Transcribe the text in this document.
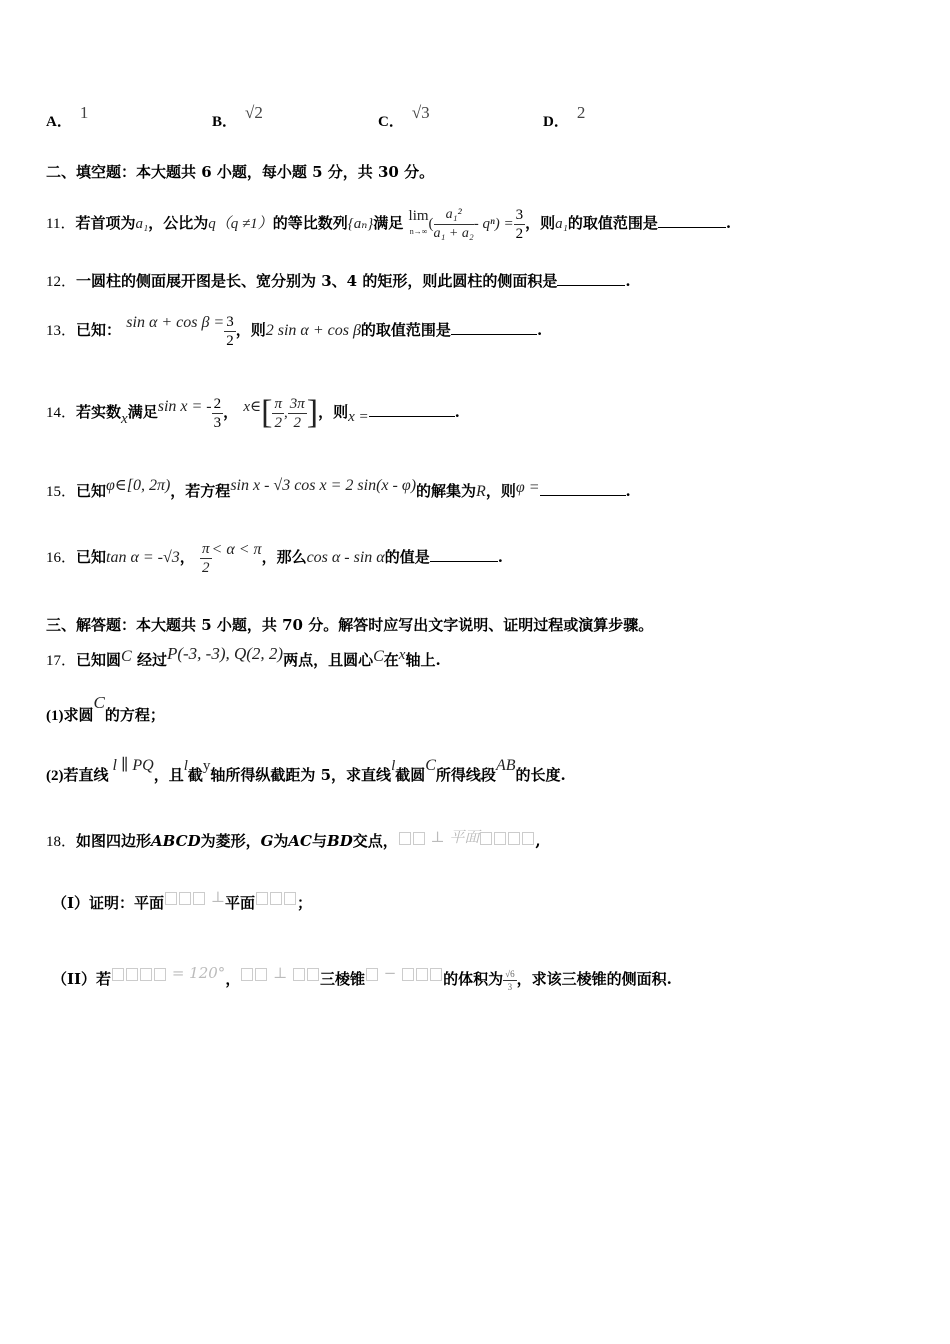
A． 1	B． √2	C． √3	D． 2
二、填空题：本大题共 6 小题，每小题 5 分，共 30 分。
11．若首项为a₁，公比为q（q ≠1）的等比数列{aₙ}满足 lim
$n\to\infty( \frac{\text{a₁²}}{\text{a₁ + a₂}} - q^n) = \frac{3}{2}$ ，则a₁的取值范围是	.
12．一圆柱的侧面展开图是长、宽分别为 3、4 的矩形，则此圆柱的侧面积是	.
13．已知： $\sin \alpha + \cos \beta = \frac{3}{2}$ ，则2 sin α + cos β的取值范围是	.
14．若实数x满足sin x = - $\frac{2}{3}$ ， x∈[ $\frac{\pi}{2}$ , $\frac{3\pi}{2}$ ]，则x =	.
15．已知φ∈[0, 2π)，若方程sin x - √3 cos x = 2 sin(x - φ)的解集为R，则φ =	.
16．已知tan α = -√3， $\frac{\pi}{2} < \alpha < \pi$，那么cos α - sin α的值是	.
三、解答题：本大题共 5 小题，共 70 分。解答时应写出文字说明、证明过程或演算步骤。
17．已知圆C 经过P(-3, -3), Q(2, 2)两点，且圆心C在x轴上.
(1)求圆C的方程；
(2)若直线l ∥ PQ，且l截y轴所得纵截距为 5，求直线l截圆C所得线段AB的长度.
18．如图四边形ABCD为菱形，G为AC与BD交点， ⊥ 平面	,
（I）证明：平面	⊥平面	；
（II）若	= 120°， ⊥ 三棱锥 −	的体积为 $\frac{√6}{3}$ ，求该三棱锥的侧面积.
